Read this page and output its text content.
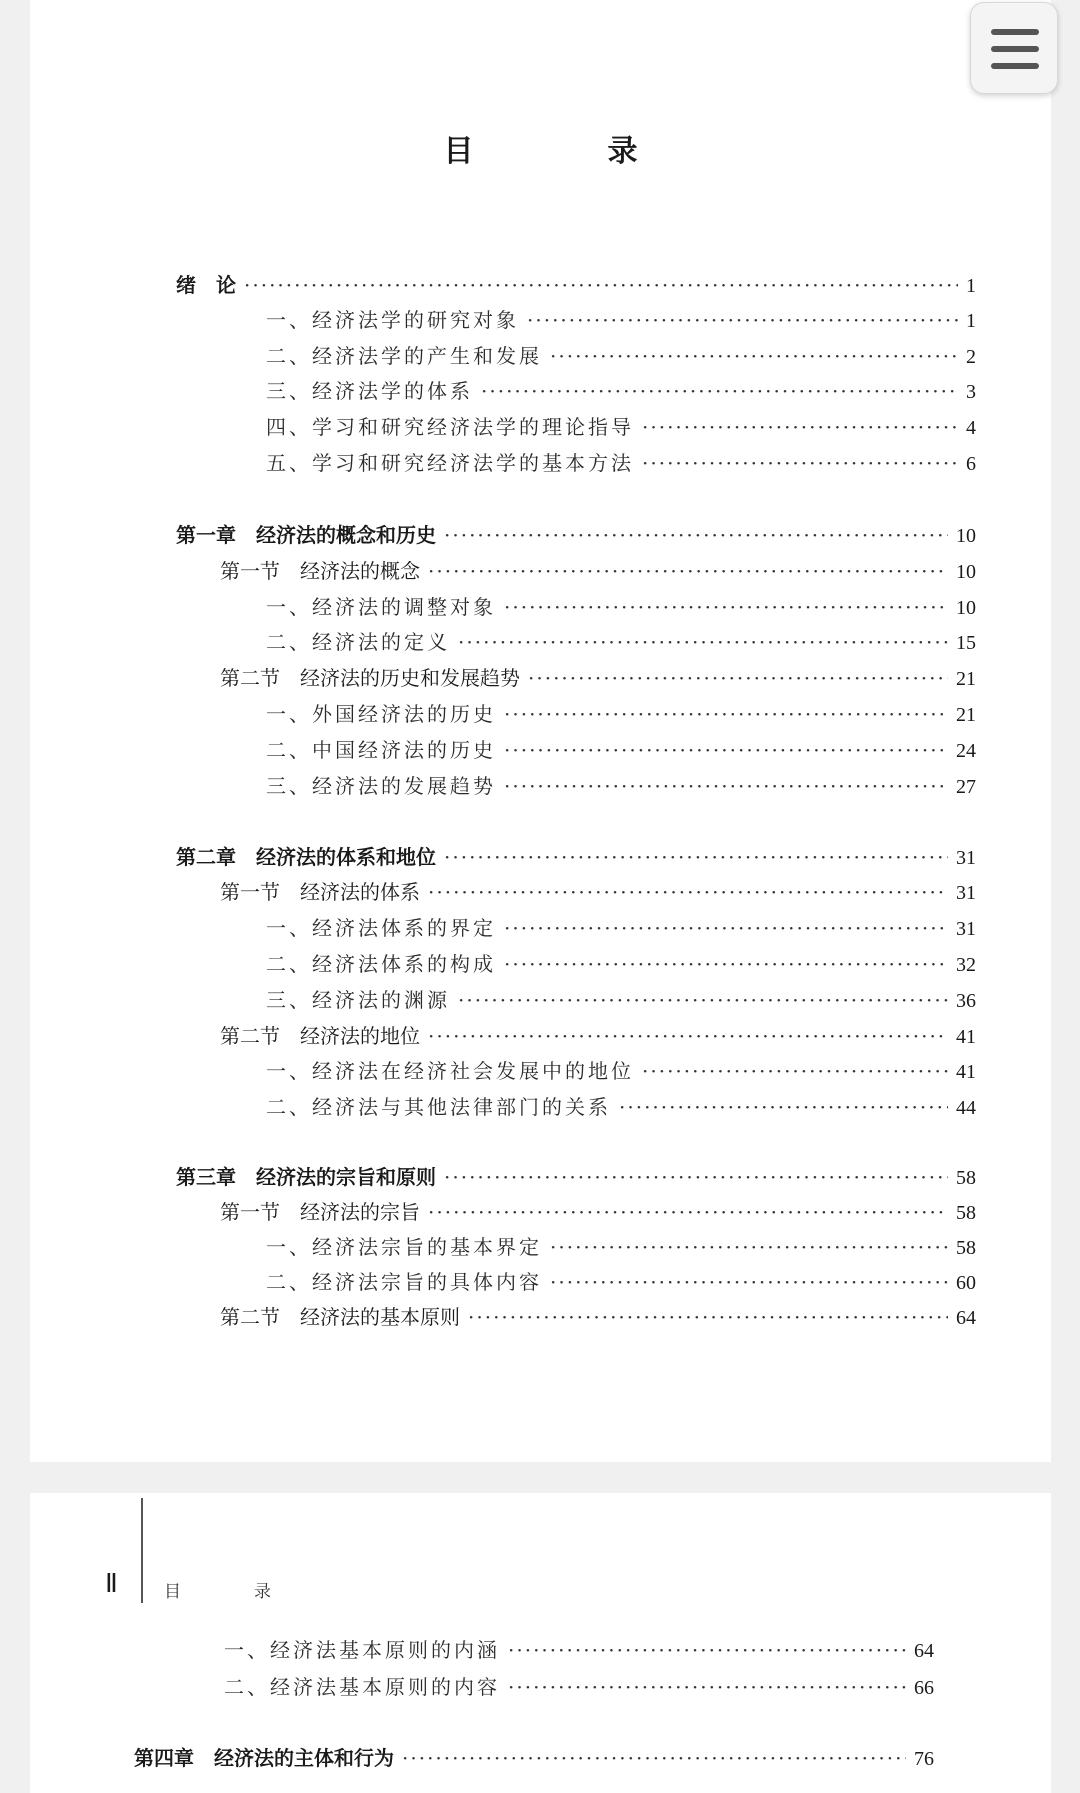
目　录
绪　论 ·····	1
一、经济法学的研究对象 ·····	1
二、经济法学的产生和发展 ·····	2
三、经济法学的体系 ·····	3
四、学习和研究经济法学的理论指导 ·····	4
五、学习和研究经济法学的基本方法 ·····	6
第一章　经济法的概念和历史 ·····	10
第一节　经济法的概念 ·····	10
一、经济法的调整对象 ·····	10
二、经济法的定义 ·····	15
第二节　经济法的历史和发展趋势 ·····	21
一、外国经济法的历史 ·····	21
二、中国经济法的历史 ·····	24
三、经济法的发展趋势 ·····	27
第二章　经济法的体系和地位 ·····	31
第一节　经济法的体系 ·····	31
一、经济法体系的界定 ·····	31
二、经济法体系的构成 ·····	32
三、经济法的渊源 ·····	36
第二节　经济法的地位 ·····	41
一、经济法在经济社会发展中的地位 ·····	41
二、经济法与其他法律部门的关系 ·····	44
第三章　经济法的宗旨和原则 ·····	58
第一节　经济法的宗旨 ·····	58
一、经济法宗旨的基本界定 ·····	58
二、经济法宗旨的具体内容 ·····	60
第二节　经济法的基本原则 ·····	64
Ⅱ	目　录
一、经济法基本原则的内涵 ·····	64
二、经济法基本原则的内容 ·····	66
第四章　经济法的主体和行为 ·····	76
